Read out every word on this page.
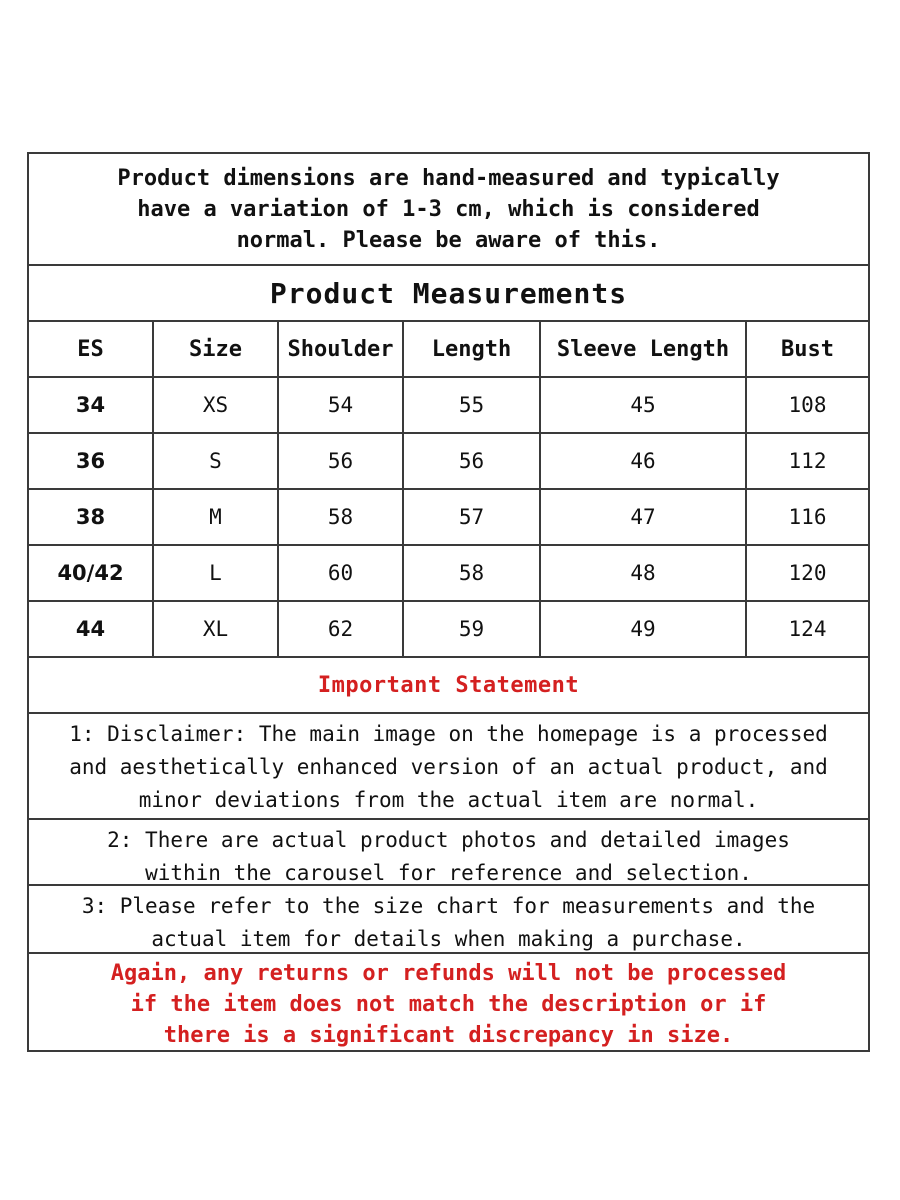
Product dimensions are hand-measured and typically
have a variation of 1-3 cm, which is considered
normal. Please be aware of this.
Product Measurements
ES	Size	Shoulder	Length	Sleeve Length	Bust
34	XS	54	55	45	108
36	S	56	56	46	112
38	M	58	57	47	116
40/42	L	60	58	48	120
44	XL	62	59	49	124
Important Statement
1: Disclaimer: The main image on the homepage is a processed
and aesthetically enhanced version of an actual product, and
minor deviations from the actual item are normal.
2: There are actual product photos and detailed images
within the carousel for reference and selection.
3: Please refer to the size chart for measurements and the
actual item for details when making a purchase.
Again, any returns or refunds will not be processed
if the item does not match the description or if
there is a significant discrepancy in size.
